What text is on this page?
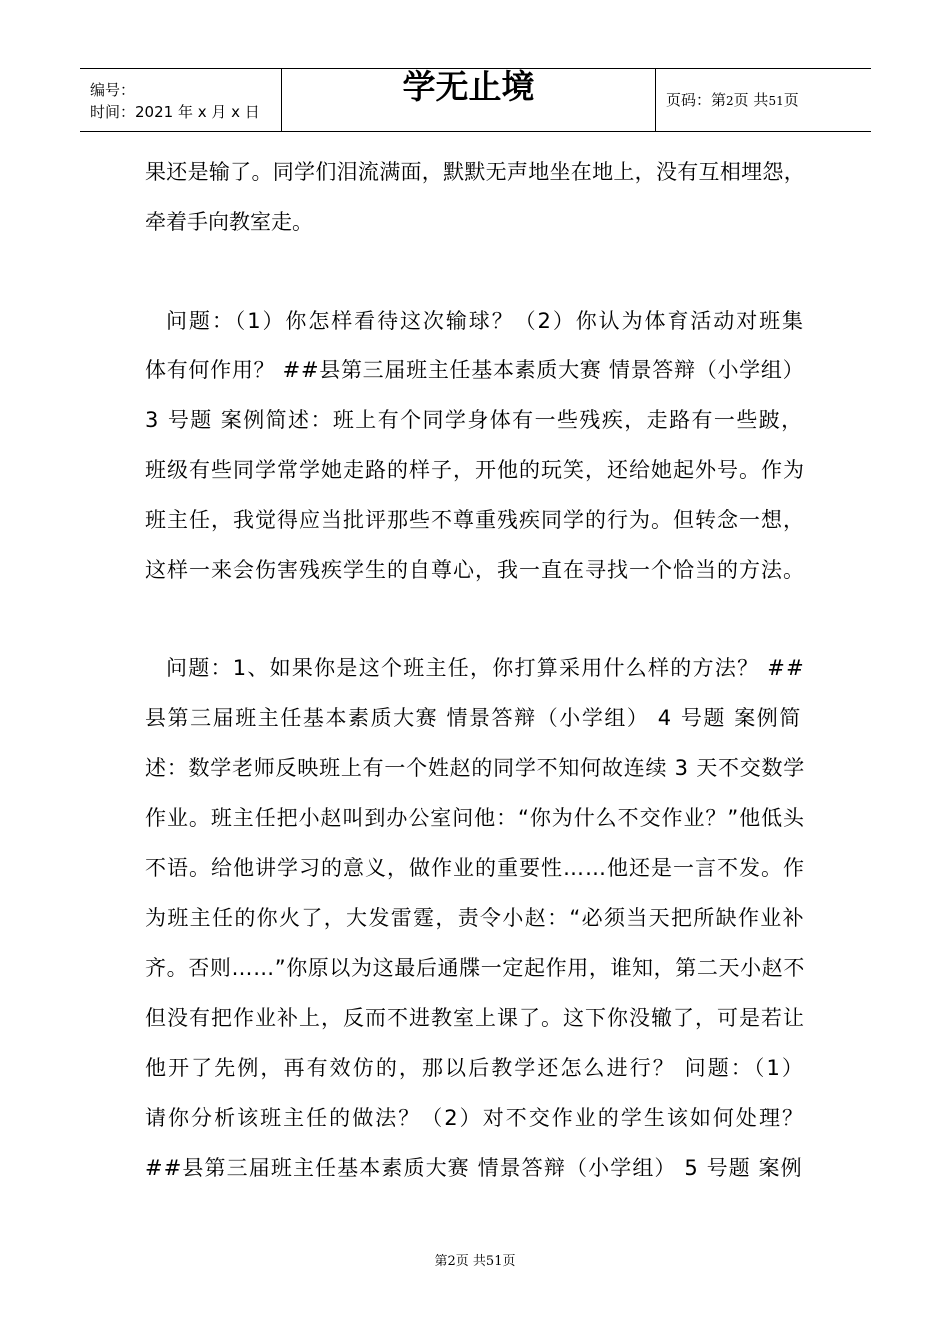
编号：
时间：2021 年 x 月 x 日
学无止境	页码：第2页 共51页
果还是输了。同学们泪流满面，默默无声地坐在地上，没有互相埋怨，
牵着手向教室走。
问题：（1）你怎样看待这次输球？（2）你认为体育活动对班集
体有何作用？ ##县第三届班主任基本素质大赛 情景答辩（小学组）
3 号题 案例简述：班上有个同学身体有一些残疾，走路有一些跛，
班级有些同学常学她走路的样子，开他的玩笑，还给她起外号。作为
班主任，我觉得应当批评那些不尊重残疾同学的行为。但转念一想，
这样一来会伤害残疾学生的自尊心，我一直在寻找一个恰当的方法。
问题：1、如果你是这个班主任，你打算采用什么样的方法？ ##
县第三届班主任基本素质大赛 情景答辩（小学组） 4 号题 案例简
述：数学老师反映班上有一个姓赵的同学不知何故连续 3 天不交数学
作业。班主任把小赵叫到办公室问他：“你为什么不交作业？”他低头
不语。给他讲学习的意义，做作业的重要性……他还是一言不发。作
为班主任的你火了，大发雷霆，责令小赵：“必须当天把所缺作业补
齐。否则……”你原以为这最后通牒一定起作用，谁知，第二天小赵不
但没有把作业补上，反而不进教室上课了。这下你没辙了，可是若让
他开了先例，再有效仿的，那以后教学还怎么进行？ 问题：（1）
请你分析该班主任的做法？（2）对不交作业的学生该如何处理？
##县第三届班主任基本素质大赛 情景答辩（小学组） 5 号题 案例
第2页 共51页
